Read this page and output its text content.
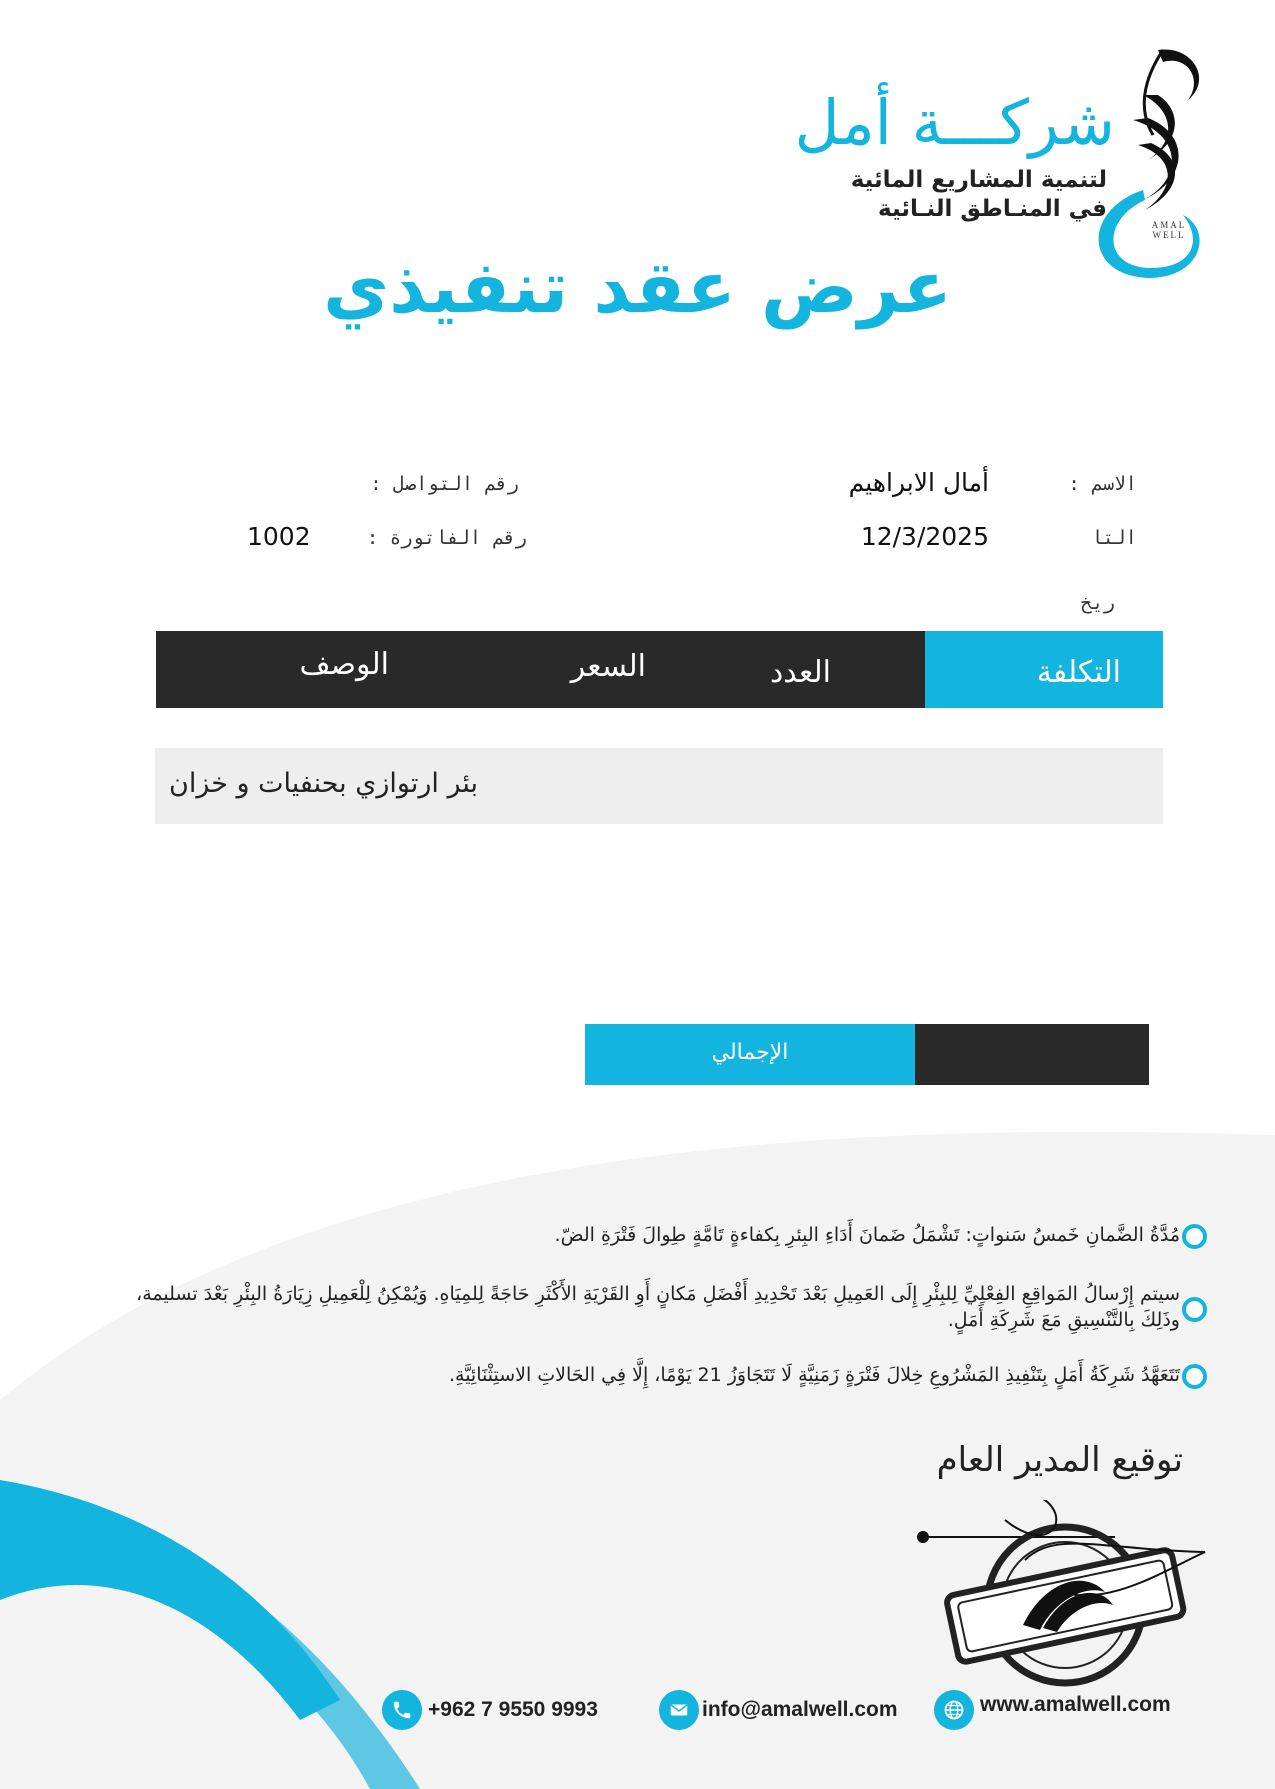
شركـــة أمل
لتنمية المشاريع المائية
في المنـاطق النـائية
AMAL
WELL
عرض عقد تنفيذي
الاسم :
أمال الابراهيم
التا
ريخ
12/3/2025
رقم التواصل :
رقم الفاتورة :
1002
التكلفة
العدد
السعر
الوصف
بئر ارتوازي بحنفيات و خزان
الإجمالي
مُدَّةُ الضَّمانِ خَمسُ سَنواتٍ: تَشْمَلُ ضَمانَ أَدَاءِ البِئرِ بِكفاءةٍ تَامَّةٍ طِوالَ فَتْرَةِ الضّ.
سيتم إِرْسالُ المَواقِعِ الفِعْلِيِّ لِلبِئْرِ إِلَى العَمِيلِ بَعْدَ تَحْدِيدِ أَفْضَلِ مَكانٍ أَوِ القَرْيَةِ الأَكْثَرِ حَاجَةً لِلمِيَاهِ. وَيُمْكِنُ لِلْعَمِيلِ زِيَارَةُ البِئْرِ بَعْدَ تسليمة، وذَلِكَ بِالتَّنْسِيقِ مَعَ شَرِكَةِ أَمَلٍ.
تَتَعَهَّدُ شَرِكَةُ أَمَلٍ بِتَنْفِيذِ المَشْرُوعِ خِلالَ فَتْرَةٍ زَمَنِيَّةٍ لَا تَتَجَاوَزُ 21 يَوْمًا، إِلَّا فِي الحَالاتِ الاستِثْنَائِيَّةِ.
توقيع المدير العام
+962 7 9550 9993	info@amalwell.com	www.amalwell.com
